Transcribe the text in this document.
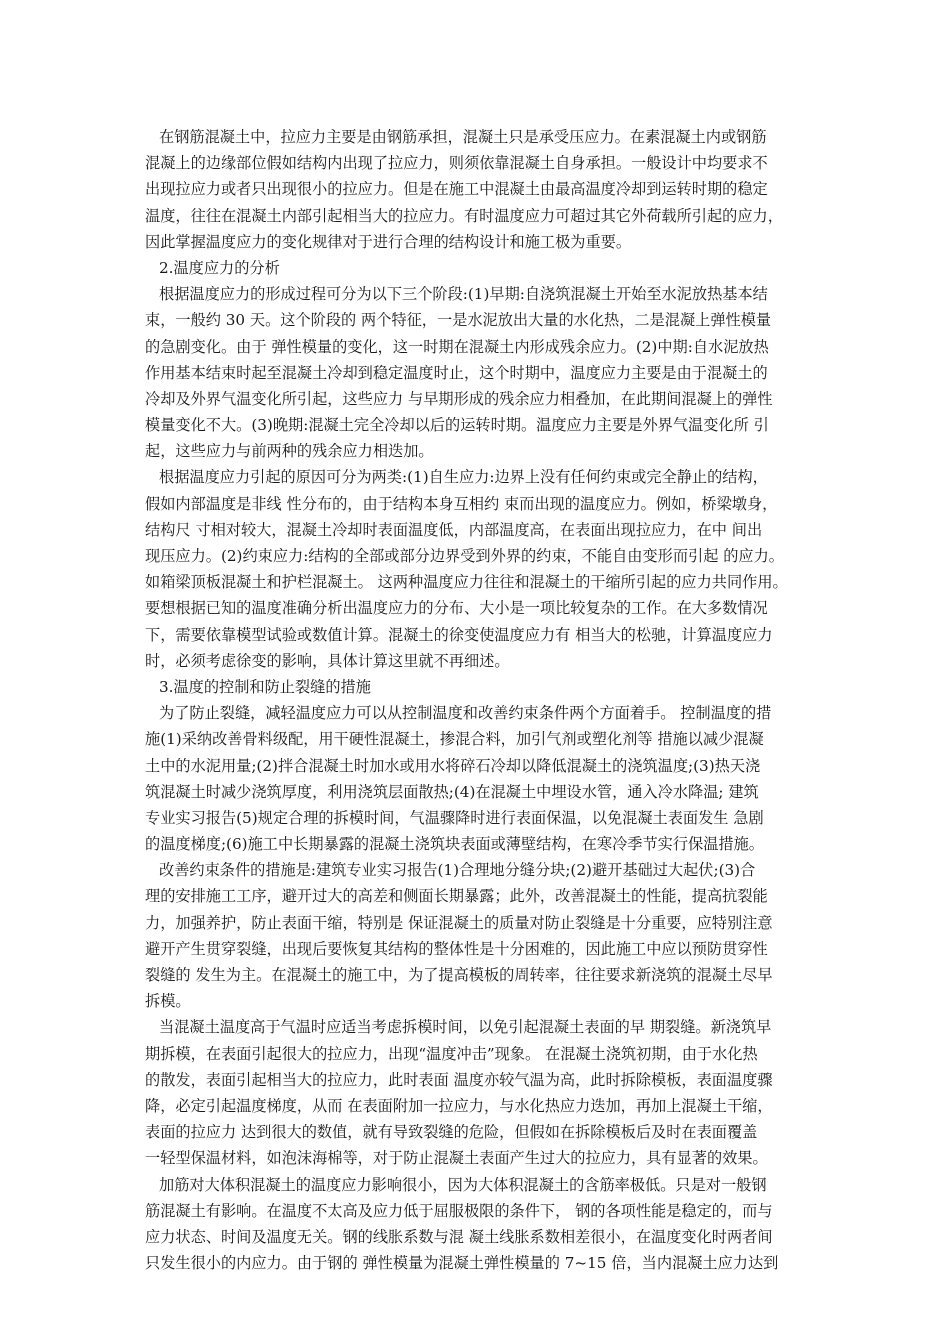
在钢筋混凝土中，拉应力主要是由钢筋承担，混凝土只是承受压应力。在素混凝土内或钢筋
混凝上的边缘部位假如结构内出现了拉应力，则须依靠混凝土自身承担。一般设计中均要求不
出现拉应力或者只出现很小的拉应力。但是在施工中混凝土由最高温度冷却到运转时期的稳定
温度，往往在混凝土内部引起相当大的拉应力。有时温度应力可超过其它外荷载所引起的应力，
因此掌握温度应力的变化规律对于进行合理的结构设计和施工极为重要。
2.温度应力的分析
根据温度应力的形成过程可分为以下三个阶段:(1)早期:自浇筑混凝土开始至水泥放热基本结
束，一般约 30 天。这个阶段的 两个特征，一是水泥放出大量的水化热，二是混凝上弹性模量
的急剧变化。由于 弹性模量的变化，这一时期在混凝土内形成残余应力。(2)中期:自水泥放热
作用基本结束时起至混凝土冷却到稳定温度时止，这个时期中，温度应力主要是由于混凝土的
冷却及外界气温变化所引起，这些应力 与早期形成的残余应力相叠加，在此期间混凝上的弹性
模量变化不大。(3)晚期:混凝土完全冷却以后的运转时期。温度应力主要是外界气温变化所 引
起，这些应力与前两种的残余应力相迭加。
根据温度应力引起的原因可分为两类:(1)自生应力:边界上没有任何约束或完全静止的结构，
假如内部温度是非线 性分布的，由于结构本身互相约 束而出现的温度应力。例如，桥梁墩身，
结构尺 寸相对较大，混凝土冷却时表面温度低，内部温度高，在表面出现拉应力，在中 间出
现压应力。(2)约束应力:结构的全部或部分边界受到外界的约束，不能自由变形而引起 的应力。
如箱梁顶板混凝土和护栏混凝土。 这两种温度应力往往和混凝土的干缩所引起的应力共同作用。
要想根据已知的温度准确分析出温度应力的分布、大小是一项比较复杂的工作。在大多数情况
下，需要依靠模型试验或数值计算。混凝土的徐变使温度应力有 相当大的松驰，计算温度应力
时，必须考虑徐变的影响，具体计算这里就不再细述。
3.温度的控制和防止裂缝的措施
为了防止裂缝，减轻温度应力可以从控制温度和改善约束条件两个方面着手。 控制温度的措
施(1)采纳改善骨料级配，用干硬性混凝土，掺混合料，加引气剂或塑化剂等 措施以减少混凝
土中的水泥用量;(2)拌合混凝土时加水或用水将碎石冷却以降低混凝土的浇筑温度;(3)热天浇
筑混凝土时减少浇筑厚度，利用浇筑层面散热;(4)在混凝土中埋设水管，通入冷水降温; 建筑
专业实习报告(5)规定合理的拆模时间，气温骤降时进行表面保温，以免混凝土表面发生 急剧
的温度梯度;(6)施工中长期暴露的混凝土浇筑块表面或薄壁结构，在寒冷季节实行保温措施。
改善约束条件的措施是:建筑专业实习报告(1)合理地分缝分块;(2)避开基础过大起伏;(3)合
理的安排施工工序，避开过大的高差和侧面长期暴露；此外，改善混凝土的性能，提高抗裂能
力，加强养护，防止表面干缩，特别是 保证混凝土的质量对防止裂缝是十分重要，应特别注意
避开产生贯穿裂缝，出现后要恢复其结构的整体性是十分困难的，因此施工中应以预防贯穿性
裂缝的 发生为主。在混凝土的施工中，为了提高模板的周转率，往往要求新浇筑的混凝土尽早
拆模。
当混凝土温度高于气温时应适当考虑拆模时间，以免引起混凝土表面的早 期裂缝。新浇筑早
期拆模，在表面引起很大的拉应力，出现“温度冲击”现象。 在混凝土浇筑初期，由于水化热
的散发，表面引起相当大的拉应力，此时表面 温度亦较气温为高，此时拆除模板，表面温度骤
降，必定引起温度梯度，从而 在表面附加一拉应力，与水化热应力迭加，再加上混凝土干缩，
表面的拉应力 达到很大的数值，就有导致裂缝的危险，但假如在拆除模板后及时在表面覆盖
一轻型保温材料，如泡沫海棉等，对于防止混凝土表面产生过大的拉应力，具有显著的效果。
加筋对大体积混凝土的温度应力影响很小，因为大体积混凝土的含筋率极低。只是对一般钢
筋混凝土有影响。在温度不太高及应力低于屈服极限的条件下， 钢的各项性能是稳定的，而与
应力状态、时间及温度无关。钢的线胀系数与混 凝土线胀系数相差很小，在温度变化时两者间
只发生很小的内应力。由于钢的 弹性模量为混凝土弹性模量的 7~15 倍，当内混凝土应力达到
